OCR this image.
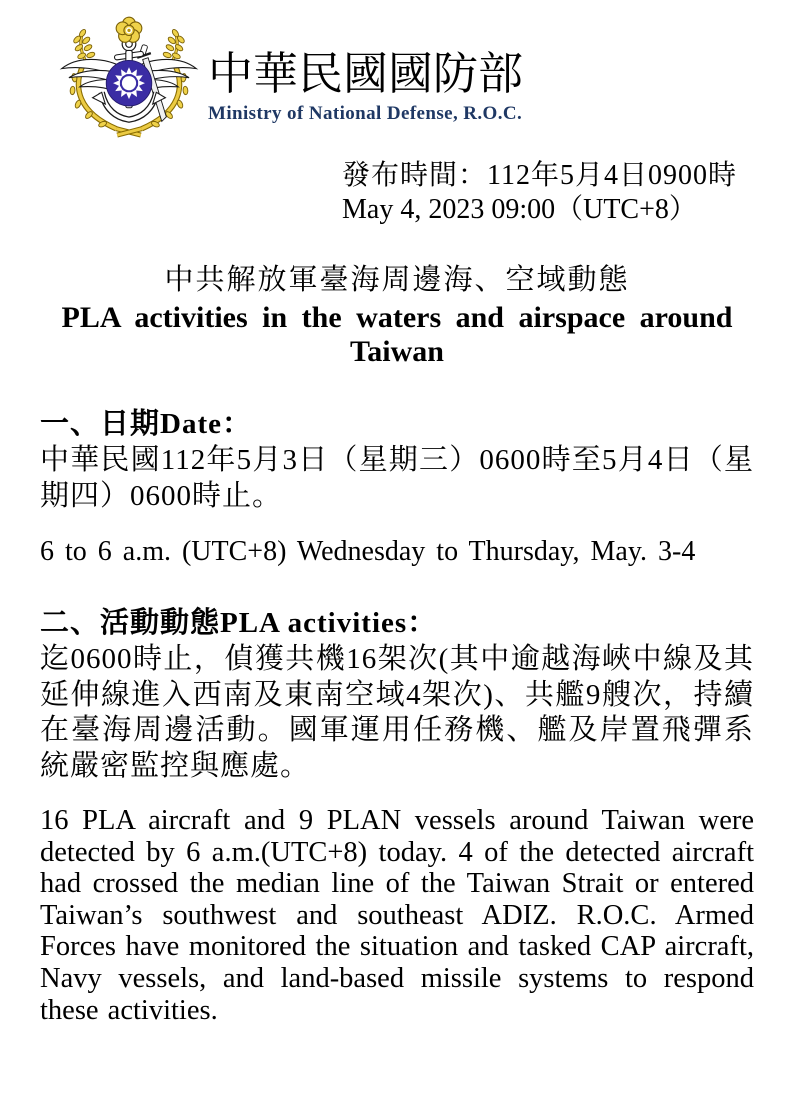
中華民國國防部
Ministry of National Defense, R.O.C.
發布時間：112年5月4日0900時
May 4, 2023 09:00（UTC+8）
中共解放軍臺海周邊海、空域動態
PLA activities in the waters and airspace around Taiwan
一、日期Date：
中華民國112年5月3日（星期三）0600時至5月4日（星期四）0600時止。
6 to 6 a.m. (UTC+8) Wednesday to Thursday, May. 3-4
二、活動動態PLA activities：
迄0600時止，偵獲共機16架次(其中逾越海峽中線及其延伸線進入西南及東南空域4架次)、共艦9艘次，持續在臺海周邊活動。國軍運用任務機、艦及岸置飛彈系統嚴密監控與應處。
16 PLA aircraft and 9 PLAN vessels around Taiwan were detected by 6 a.m.(UTC+8) today. 4 of the detected aircraft had crossed the median line of the Taiwan Strait or entered Taiwan’s southwest and southeast ADIZ. R.O.C. Armed Forces have monitored the situation and tasked CAP aircraft, Navy vessels, and land-based missile systems to respond these activities.
